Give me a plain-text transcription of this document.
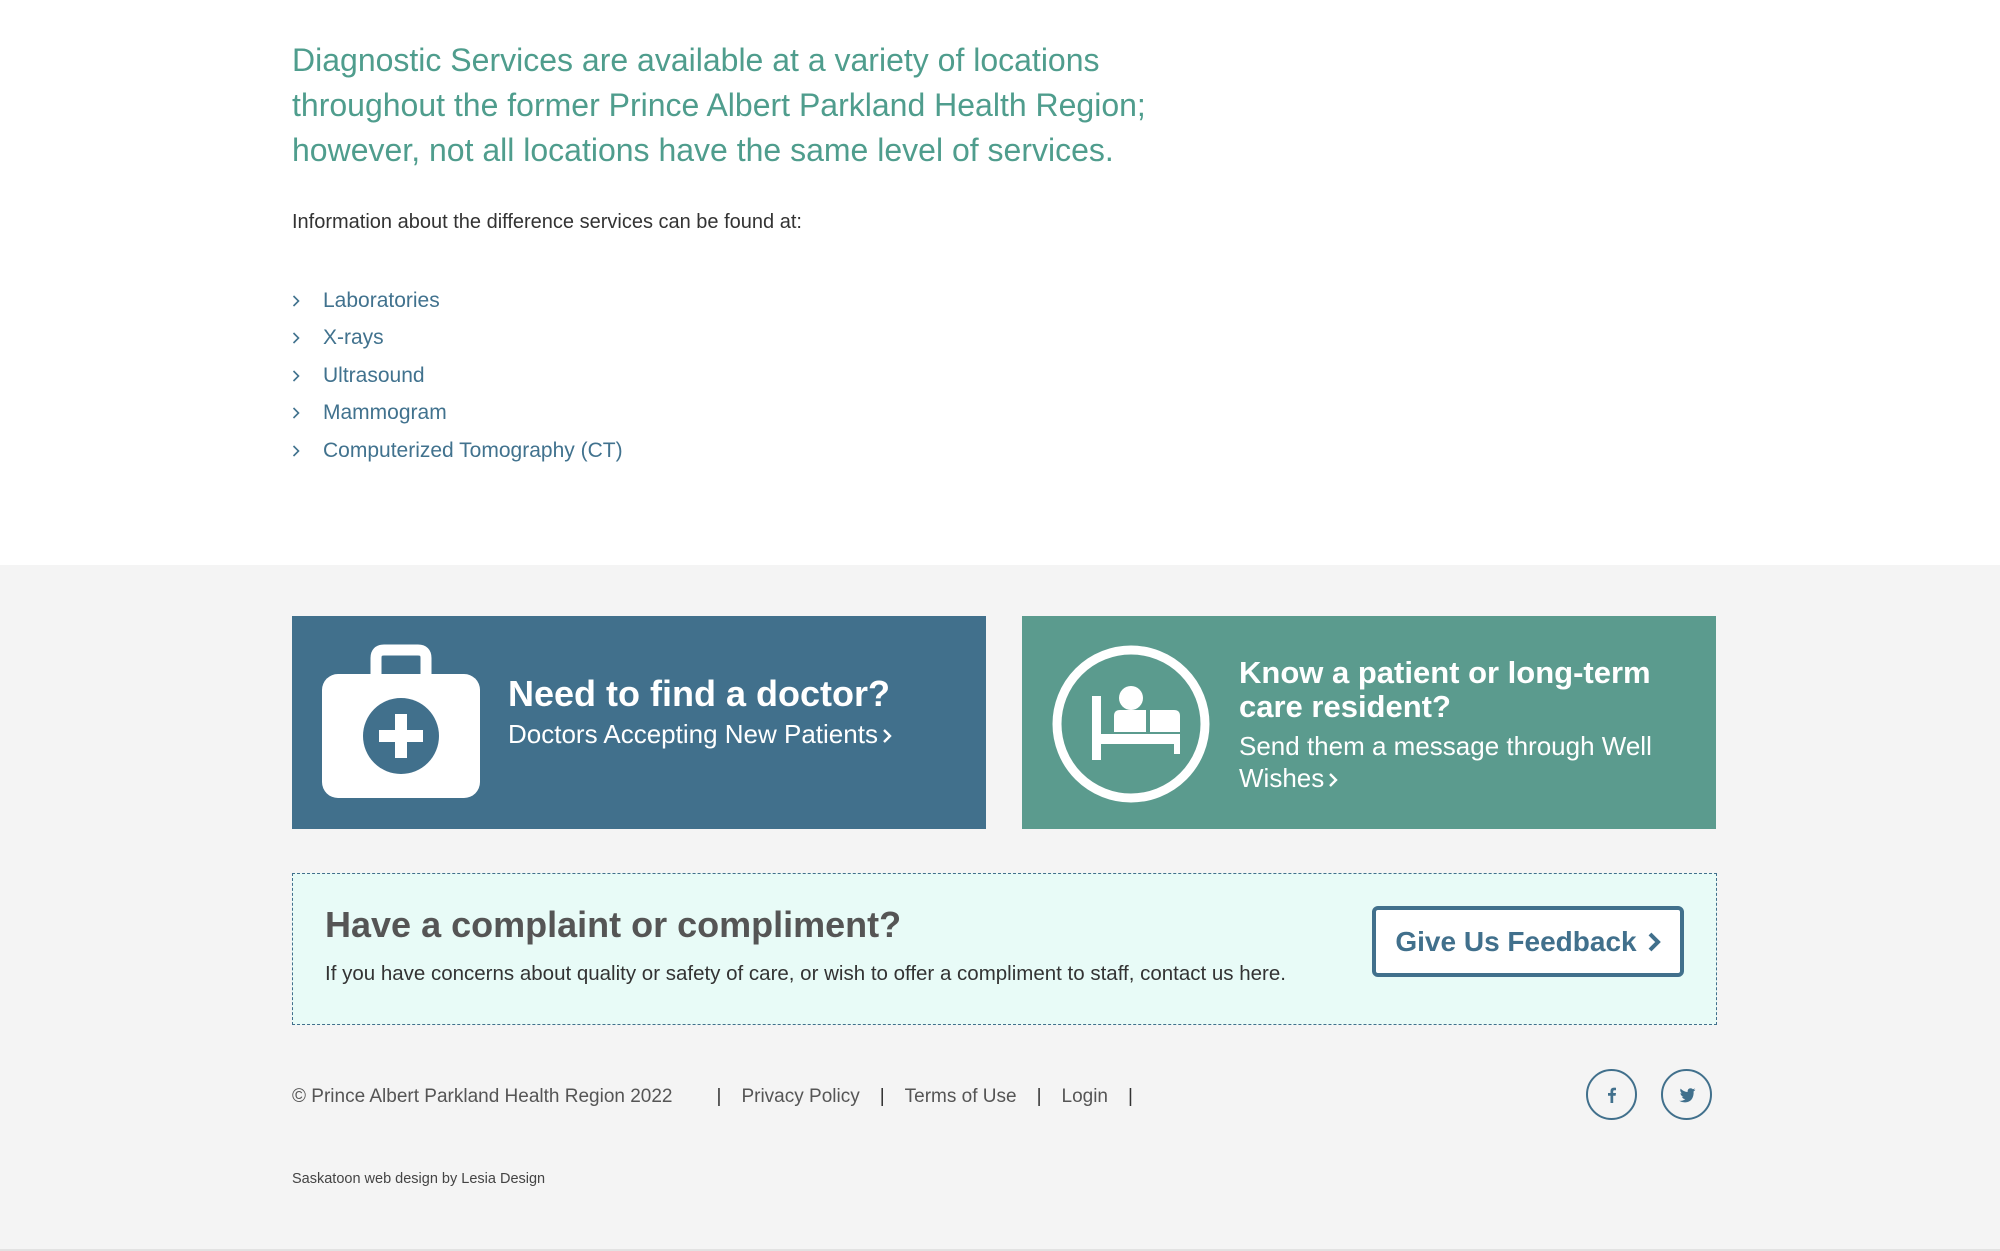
Diagnostic Services are available at a variety of locations throughout the former Prince Albert Parkland Health Region; however, not all locations have the same level of services.

Information about the difference services can be found at:

Laboratories
X-rays
Ultrasound
Mammogram
Computerized Tomography (CT)
Need to find a doctor?
Doctors Accepting New Patients
Know a patient or long-term care resident?
Send them a message through Well Wishes
Have a complaint or compliment?

If you have concerns about quality or safety of care, or wish to offer a compliment to staff, contact us here.

Give Us Feedback
© Prince Albert Parkland Health Region 2022 | Privacy Policy | Terms of Use | Login |

Saskatoon web design by Lesia Design
